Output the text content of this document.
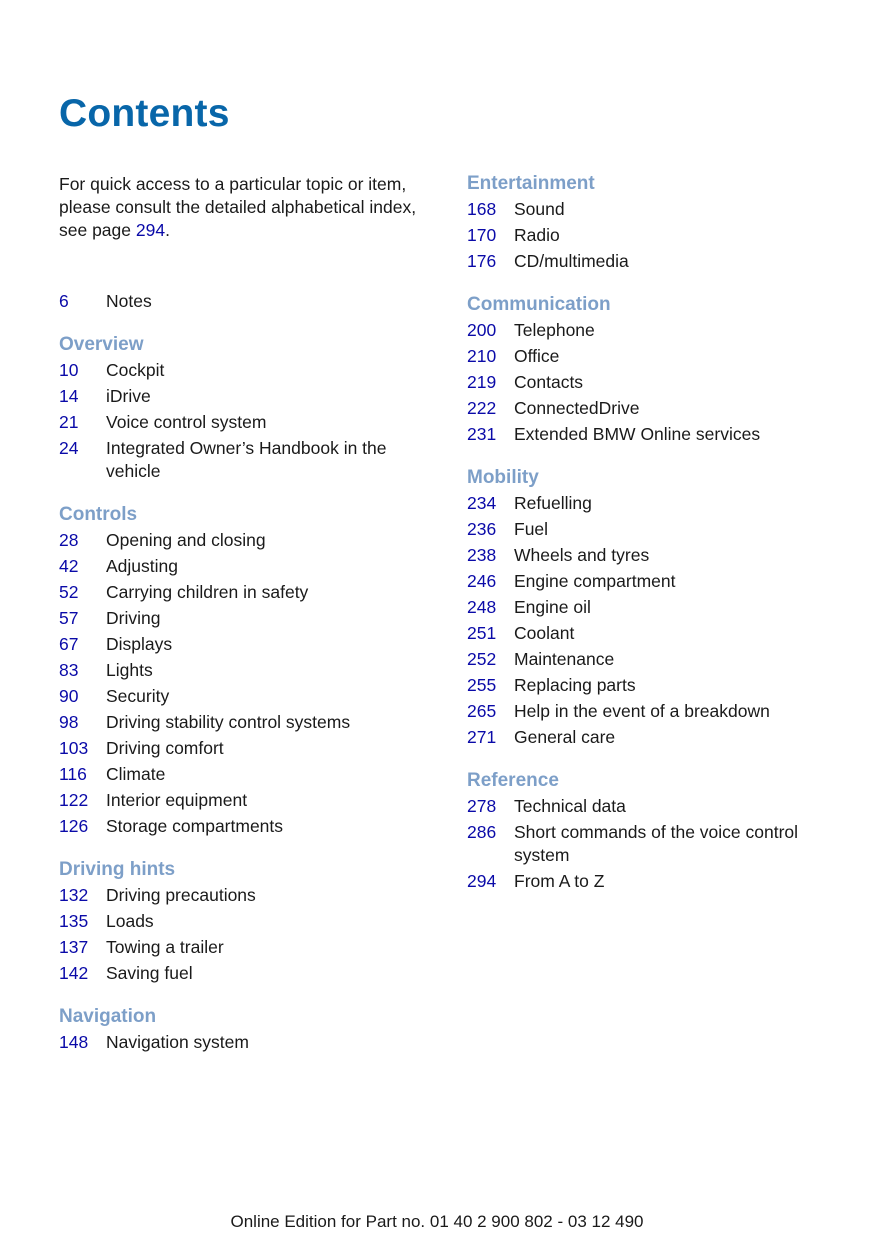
Contents

For quick access to a particular topic or item, please consult the detailed alphabetical index, see page 294.

6	Notes
Overview
10	Cockpit
14	iDrive
21	Voice control system
24	Integrated Owner’s Handbook in the vehicle
Controls
28	Opening and closing
42	Adjusting
52	Carrying children in safety
57	Driving
67	Displays
83	Lights
90	Security
98	Driving stability control systems
103	Driving comfort
116	Climate
122	Interior equipment
126	Storage compartments
Driving hints
132	Driving precautions
135	Loads
137	Towing a trailer
142	Saving fuel
Navigation
148	Navigation system
Entertainment
168	Sound
170	Radio
176	CD/multimedia
Communication
200	Telephone
210	Office
219	Contacts
222	ConnectedDrive
231	Extended BMW Online services
Mobility
234	Refuelling
236	Fuel
238	Wheels and tyres
246	Engine compartment
248	Engine oil
251	Coolant
252	Maintenance
255	Replacing parts
265	Help in the event of a breakdown
271	General care
Reference
278	Technical data
286	Short commands of the voice control system
294	From A to Z
Online Edition for Part no. 01 40 2 900 802 - 03 12 490
